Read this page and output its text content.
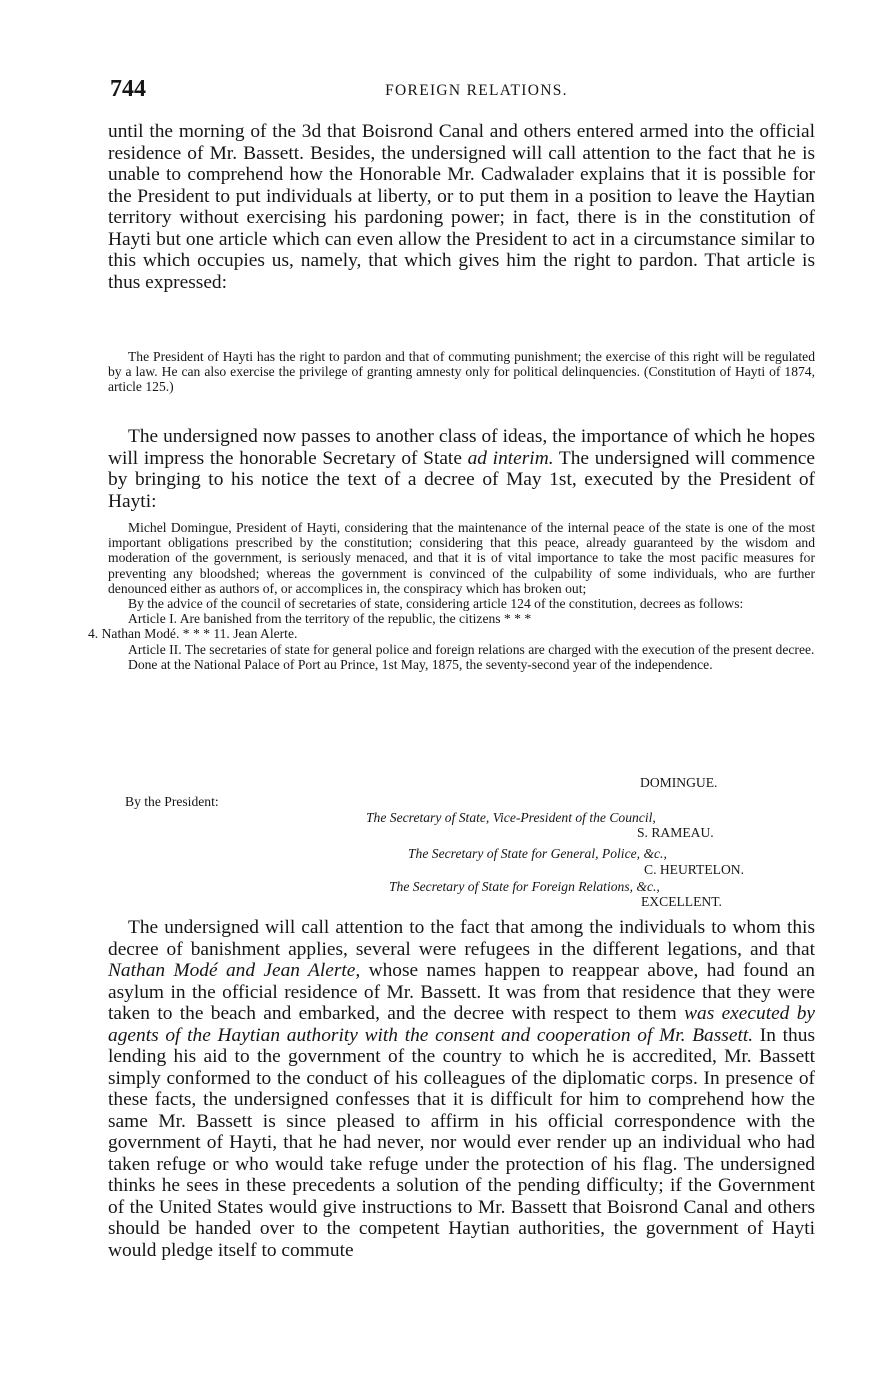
744	FOREIGN RELATIONS.

until the morning of the 3d that Boisrond Canal and others entered armed into the official residence of Mr. Bassett. Besides, the undersigned will call attention to the fact that he is unable to comprehend how the Honorable Mr. Cadwalader explains that it is possible for the President to put individuals at liberty, or to put them in a position to leave the Haytian territory without exercising his pardoning power; in fact, there is in the constitution of Hayti but one article which can even allow the President to act in a circumstance similar to this which occupies us, namely, that which gives him the right to pardon. That article is thus expressed:

The President of Hayti has the right to pardon and that of commuting punishment; the exercise of this right will be regulated by a law. He can also exercise the privilege of granting amnesty only for political delinquencies. (Constitution of Hayti of 1874, article 125.)

The undersigned now passes to another class of ideas, the importance of which he hopes will impress the honorable Secretary of State ad interim. The undersigned will commence by bringing to his notice the text of a decree of May 1st, executed by the President of Hayti:

Michel Domingue, President of Hayti, considering that the maintenance of the internal peace of the state is one of the most important obligations prescribed by the constitution; considering that this peace, already guaranteed by the wisdom and moderation of the government, is seriously menaced, and that it is of vital importance to take the most pacific measures for preventing any bloodshed; whereas the government is convinced of the culpability of some individuals, who are further denounced either as authors of, or accomplices in, the conspiracy which has broken out;

By the advice of the council of secretaries of state, considering article 124 of the constitution, decrees as follows:

Article I. Are banished from the territory of the republic, the citizens * * *
4. Nathan Modé. * * * 11. Jean Alerte.

Article II. The secretaries of state for general police and foreign relations are charged with the execution of the present decree.

Done at the National Palace of Port au Prince, 1st May, 1875, the seventy-second year of the independence.

DOMINGUE.
By the President:
The Secretary of State, Vice-President of the Council,
S. RAMEAU.
The Secretary of State for General, Police, &c.,
C. HEURTELON.
The Secretary of State for Foreign Relations, &c.,
EXCELLENT.

The undersigned will call attention to the fact that among the individuals to whom this decree of banishment applies, several were refugees in the different legations, and that Nathan Modé and Jean Alerte, whose names happen to reappear above, had found an asylum in the official residence of Mr. Bassett. It was from that residence that they were taken to the beach and embarked, and the decree with respect to them was executed by agents of the Haytian authority with the consent and cooperation of Mr. Bassett. In thus lending his aid to the government of the country to which he is accredited, Mr. Bassett simply conformed to the conduct of his colleagues of the diplomatic corps. In presence of these facts, the undersigned confesses that it is difficult for him to comprehend how the same Mr. Bassett is since pleased to affirm in his official correspondence with the government of Hayti, that he had never, nor would ever render up an individual who had taken refuge or who would take refuge under the protection of his flag. The undersigned thinks he sees in these precedents a solution of the pending difficulty; if the Government of the United States would give instructions to Mr. Bassett that Boisrond Canal and others should be handed over to the competent Haytian authorities, the government of Hayti would pledge itself to commute
